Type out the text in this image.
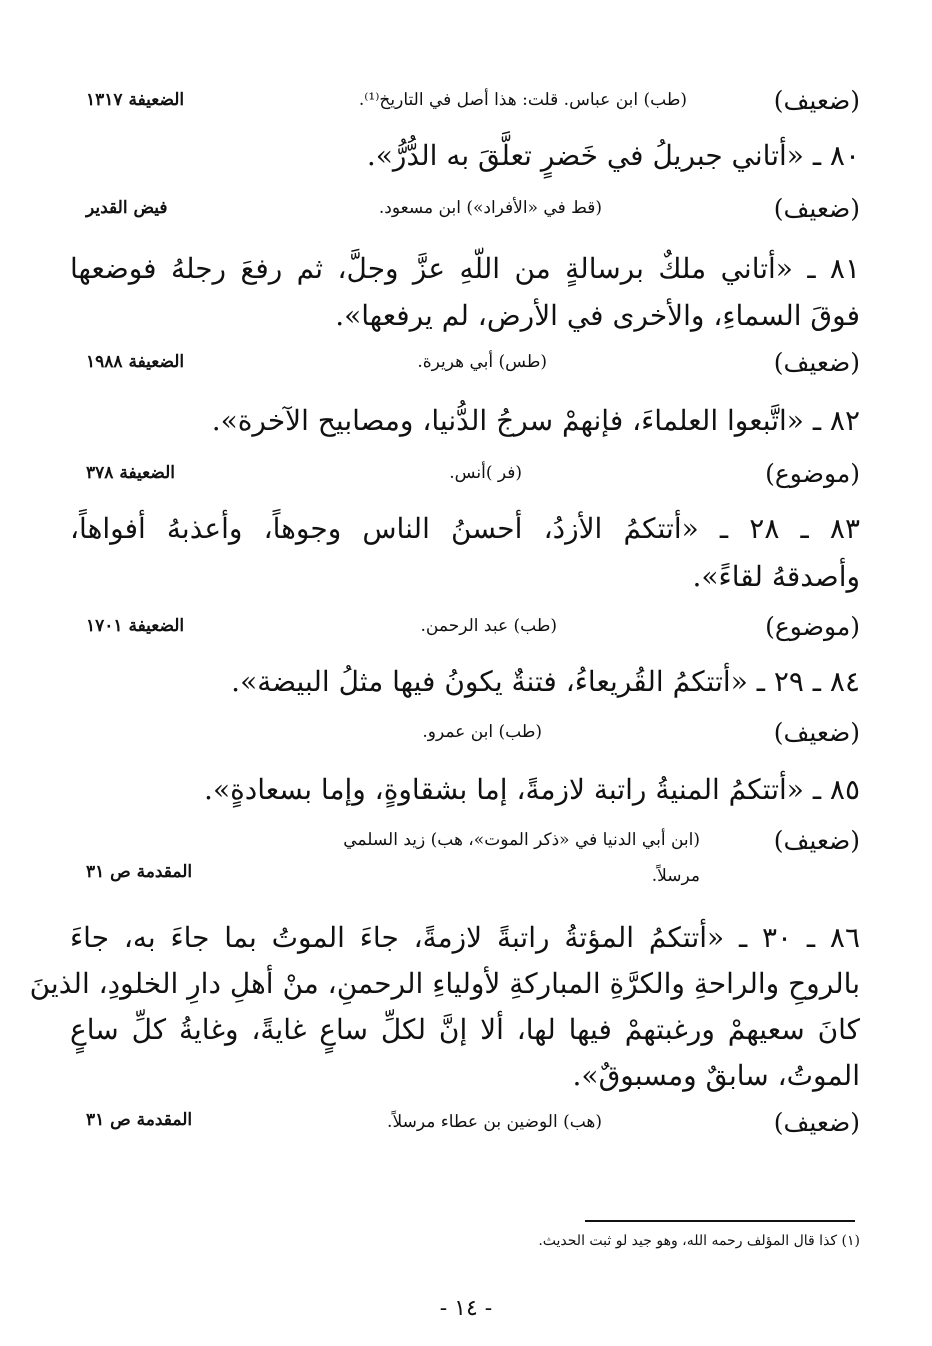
(ضعيف)
(طب) ابن عباس. قلت: هذا أصل في التاريخ⁽¹⁾.
الضعيفة ١٣١٧
٨٠ ـ «أتاني جبريلُ في خَضرٍ تعلَّقَ به الدُّرُّ».
(ضعيف)
(قط في «الأفراد») ابن مسعود.
فيض القدير
٨١ ـ «أتاني ملكٌ برسالةٍ من اللّهِ عزَّ وجلَّ، ثم رفعَ رجلهُ فوضعها
فوقَ السماءِ، والأخرى في الأرض، لم يرفعها».
(ضعيف)
(طس) أبي هريرة.
الضعيفة ١٩٨٨
٨٢ ـ «اتَّبعوا العلماءَ، فإنهمْ سرجُ الدُّنيا، ومصابيح الآخرة».
(موضوع)
(فر )أنس.
الضعيفة ٣٧٨
٨٣ ـ ٢٨ ـ «أتتكمُ الأزدُ، أحسنُ الناس وجوهاً، وأعذبهُ أفواهاً،
وأصدقهُ لقاءً».
(موضوع)
(طب) عبد الرحمن.
الضعيفة ١٧٠١
٨٤ ـ ٢٩ ـ «أتتكمُ القُريعاءُ، فتنةٌ يكونُ فيها مثلُ البيضة».
(ضعيف)
(طب) ابن عمرو.
٨٥ ـ «أتتكمُ المنيةُ راتبة لازمةً، إما بشقاوةٍ، وإما بسعادةٍ».
(ضعيف)
(ابن أبي الدنيا في «ذكر الموت»، هب) زيد السلمي
مرسلاً.
المقدمة ص ٣١
٨٦ ـ ٣٠ ـ «أتتكمُ المؤتةُ راتبةً لازمةً، جاءَ الموتُ بما جاءَ به، جاءَ
بالروحِ والراحةِ والكرَّةِ المباركةِ لأولياءِ الرحمنِ، منْ أهلِ دارِ الخلودِ، الذينَ
كانَ سعيهمْ ورغبتهمْ فيها لها، ألا إنَّ لكلِّ ساعٍ غايةً، وغايةُ كلِّ ساعٍ
الموتُ، سابقٌ ومسبوقٌ».
(ضعيف)
(هب) الوضين بن عطاء مرسلاً.
المقدمة ص ٣١
(١) كذا قال المؤلف رحمه الله، وهو جيد لو ثبت الحديث.
- ١٤ -
